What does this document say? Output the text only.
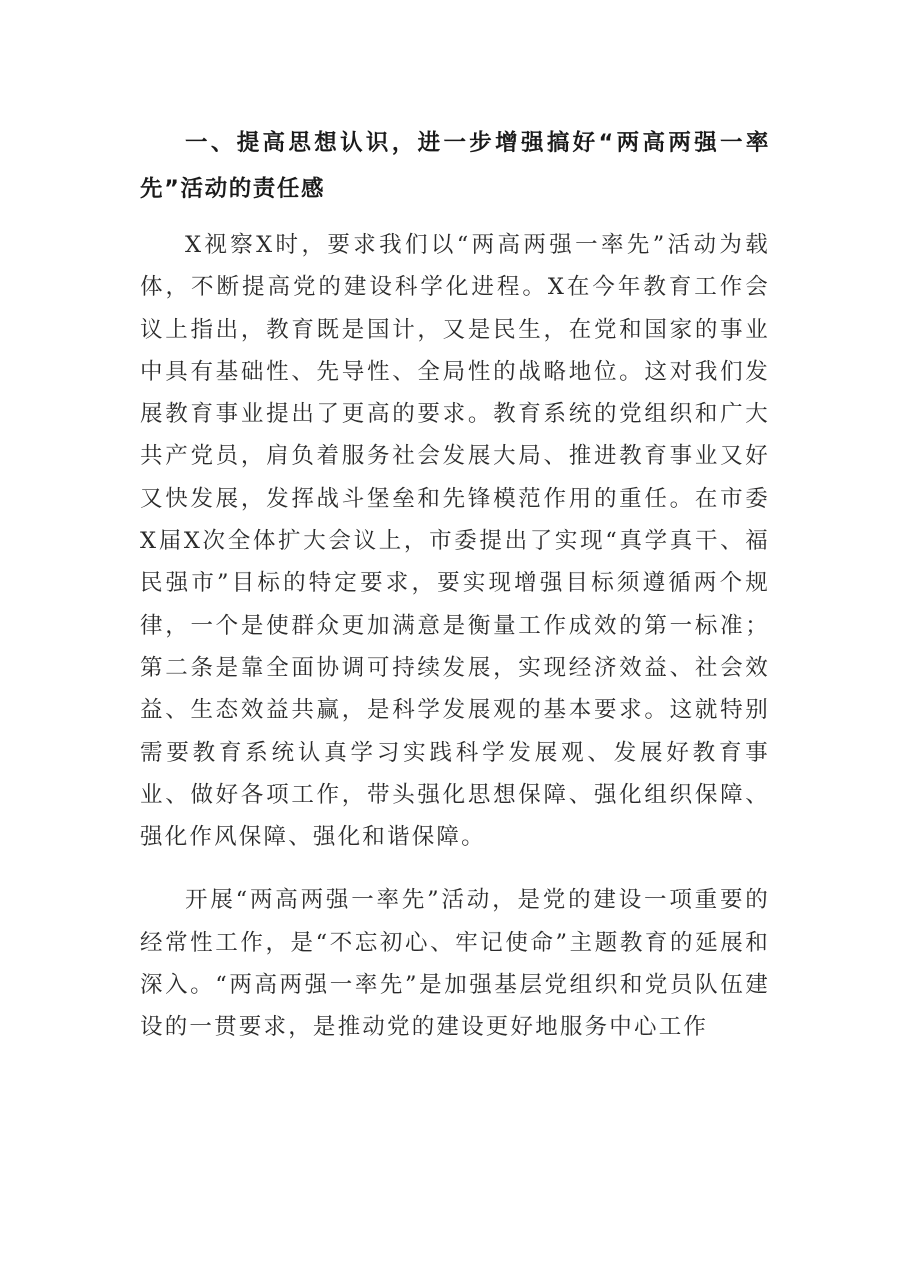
一、提高思想认识，进一步增强搞好“两高两强一率先”活动的责任感

X视察X时，要求我们以“两高两强一率先”活动为载体，不断提高党的建设科学化进程。X在今年教育工作会议上指出，教育既是国计，又是民生，在党和国家的事业中具有基础性、先导性、全局性的战略地位。这对我们发展教育事业提出了更高的要求。教育系统的党组织和广大共产党员，肩负着服务社会发展大局、推进教育事业又好又快发展，发挥战斗堡垒和先锋模范作用的重任。在市委X届X次全体扩大会议上，市委提出了实现“真学真干、福民强市”目标的特定要求，要实现增强目标须遵循两个规律，一个是使群众更加满意是衡量工作成效的第一标准；第二条是靠全面协调可持续发展，实现经济效益、社会效益、生态效益共赢，是科学发展观的基本要求。这就特别需要教育系统认真学习实践科学发展观、发展好教育事业、做好各项工作，带头强化思想保障、强化组织保障、强化作风保障、强化和谐保障。

开展“两高两强一率先”活动，是党的建设一项重要的经常性工作，是“不忘初心、牢记使命”主题教育的延展和深入。“两高两强一率先”是加强基层党组织和党员队伍建设的一贯要求，是推动党的建设更好地服务中心工作
